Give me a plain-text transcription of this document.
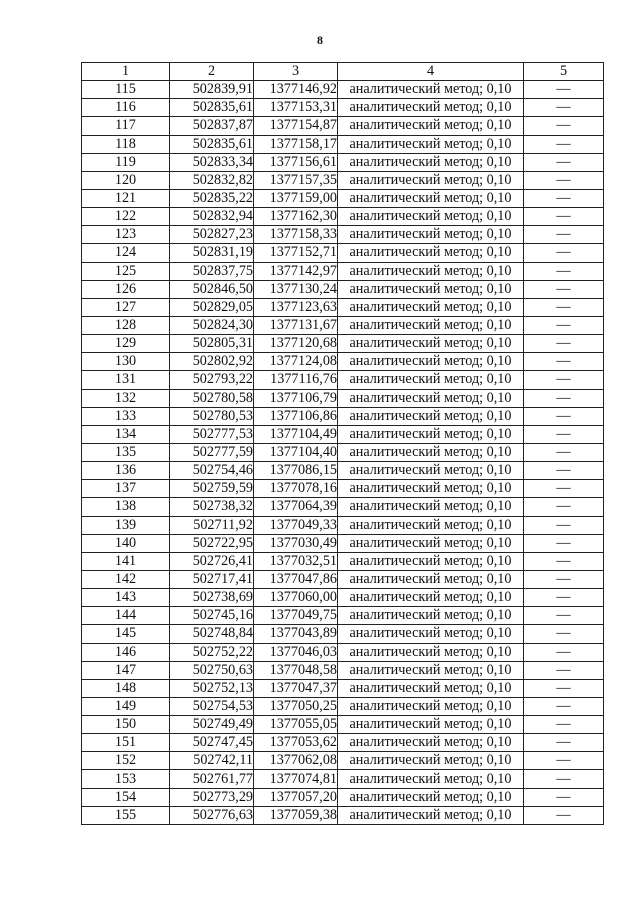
8
1	2	3	4	5
115	502839,91	1377146,92	аналитический метод; 0,10	—
116	502835,61	1377153,31	аналитический метод; 0,10	—
117	502837,87	1377154,87	аналитический метод; 0,10	—
118	502835,61	1377158,17	аналитический метод; 0,10	—
119	502833,34	1377156,61	аналитический метод; 0,10	—
120	502832,82	1377157,35	аналитический метод; 0,10	—
121	502835,22	1377159,00	аналитический метод; 0,10	—
122	502832,94	1377162,30	аналитический метод; 0,10	—
123	502827,23	1377158,33	аналитический метод; 0,10	—
124	502831,19	1377152,71	аналитический метод; 0,10	—
125	502837,75	1377142,97	аналитический метод; 0,10	—
126	502846,50	1377130,24	аналитический метод; 0,10	—
127	502829,05	1377123,63	аналитический метод; 0,10	—
128	502824,30	1377131,67	аналитический метод; 0,10	—
129	502805,31	1377120,68	аналитический метод; 0,10	—
130	502802,92	1377124,08	аналитический метод; 0,10	—
131	502793,22	1377116,76	аналитический метод; 0,10	—
132	502780,58	1377106,79	аналитический метод; 0,10	—
133	502780,53	1377106,86	аналитический метод; 0,10	—
134	502777,53	1377104,49	аналитический метод; 0,10	—
135	502777,59	1377104,40	аналитический метод; 0,10	—
136	502754,46	1377086,15	аналитический метод; 0,10	—
137	502759,59	1377078,16	аналитический метод; 0,10	—
138	502738,32	1377064,39	аналитический метод; 0,10	—
139	502711,92	1377049,33	аналитический метод; 0,10	—
140	502722,95	1377030,49	аналитический метод; 0,10	—
141	502726,41	1377032,51	аналитический метод; 0,10	—
142	502717,41	1377047,86	аналитический метод; 0,10	—
143	502738,69	1377060,00	аналитический метод; 0,10	—
144	502745,16	1377049,75	аналитический метод; 0,10	—
145	502748,84	1377043,89	аналитический метод; 0,10	—
146	502752,22	1377046,03	аналитический метод; 0,10	—
147	502750,63	1377048,58	аналитический метод; 0,10	—
148	502752,13	1377047,37	аналитический метод; 0,10	—
149	502754,53	1377050,25	аналитический метод; 0,10	—
150	502749,49	1377055,05	аналитический метод; 0,10	—
151	502747,45	1377053,62	аналитический метод; 0,10	—
152	502742,11	1377062,08	аналитический метод; 0,10	—
153	502761,77	1377074,81	аналитический метод; 0,10	—
154	502773,29	1377057,20	аналитический метод; 0,10	—
155	502776,63	1377059,38	аналитический метод; 0,10	—
